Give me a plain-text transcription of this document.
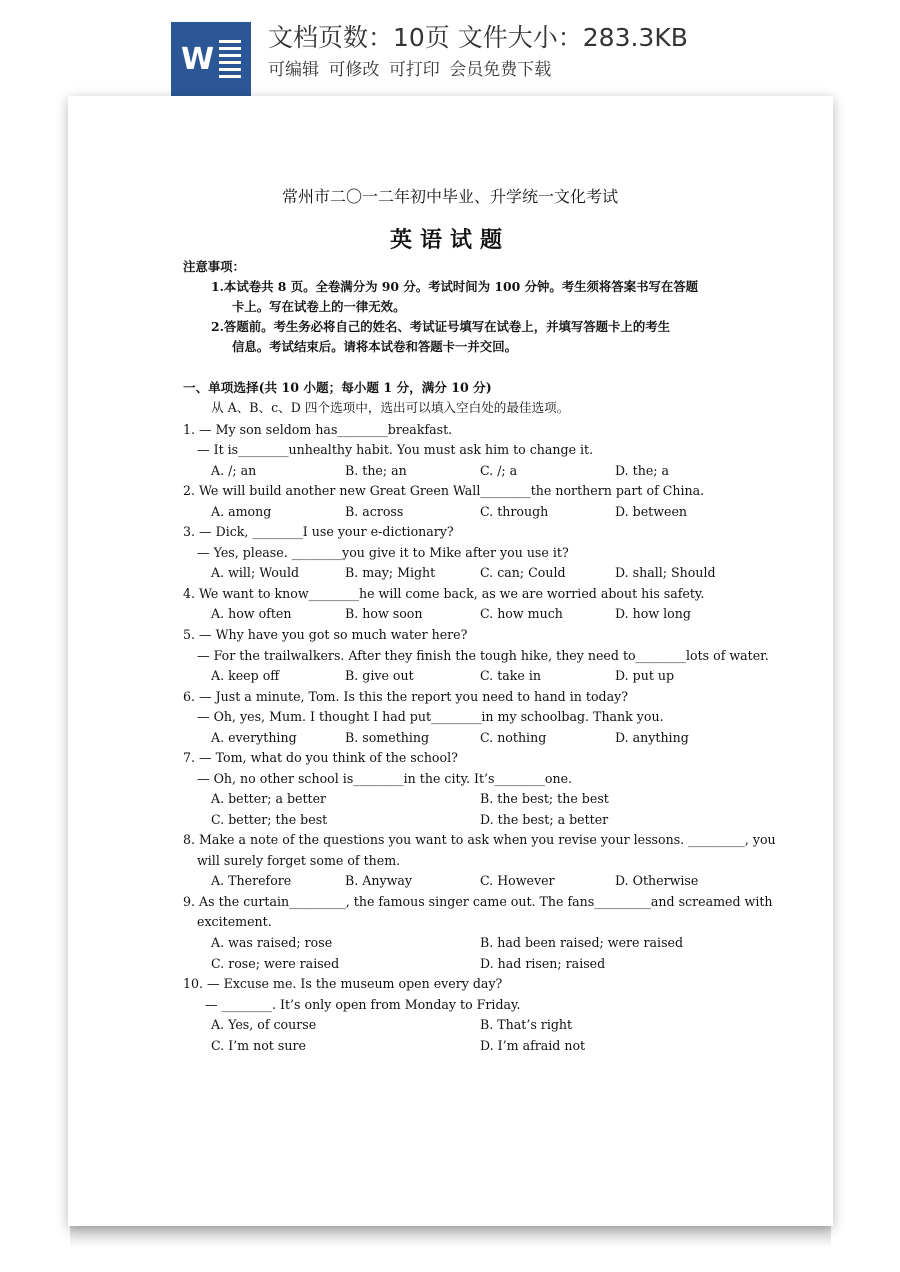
W
文档页数：10页 文件大小：283.3KB
可编辑 可修改 可打印 会员免费下载
常州市二〇一二年初中毕业、升学统一文化考试
英语试题
注意事项：
1.本试卷共 8 页。全卷满分为 90 分。考试时间为 100 分钟。考生须将答案书写在答题
卡上。写在试卷上的一律无效。
2.答题前。考生务必将自己的姓名、考试证号填写在试卷上，并填写答题卡上的考生
信息。考试结束后。请将本试卷和答题卡一并交回。
一、单项选择(共 10 小题；每小题 1 分，满分 10 分)
从 A、B、c、D 四个选项中，选出可以填入空白处的最佳选项。
1. — My son seldom has________breakfast.
— It is________unhealthy habit. You must ask him to change it.
A. /; an	B. the; an	C. /; a	D. the; a
2. We will build another new Great Green Wall________the northern part of China.
A. among	B. across	C. through	D. between
3. — Dick, ________I use your e-dictionary?
— Yes, please. ________you give it to Mike after you use it?
A. will; Would	B. may; Might	C. can; Could	D. shall; Should
4. We want to know________he will come back, as we are worried about his safety.
A. how often	B. how soon	C. how much	D. how long
5. — Why have you got so much water here?
— For the trailwalkers. After they finish the tough hike, they need to________lots of water.
A. keep off	B. give out	C. take in	D. put up
6. — Just a minute, Tom. Is this the report you need to hand in today?
— Oh, yes, Mum. I thought I had put________in my schoolbag. Thank you.
A. everything	B. something	C. nothing	D. anything
7. — Tom, what do you think of the school?
— Oh, no other school is________in the city. It’s________one.
A. better; a better	B. the best; the best
C. better; the best	D. the best; a better
8. Make a note of the questions you want to ask when you revise your lessons. _________, you
will surely forget some of them.
A. Therefore	B. Anyway	C. However	D. Otherwise
9. As the curtain_________, the famous singer came out. The fans_________and screamed with
excitement.
A. was raised; rose	B. had been raised; were raised
C. rose; were raised	D. had risen; raised
10. — Excuse me. Is the museum open every day?
— ________. It’s only open from Monday to Friday.
A. Yes, of course	B. That’s right
C. I’m not sure	D. I’m afraid not
